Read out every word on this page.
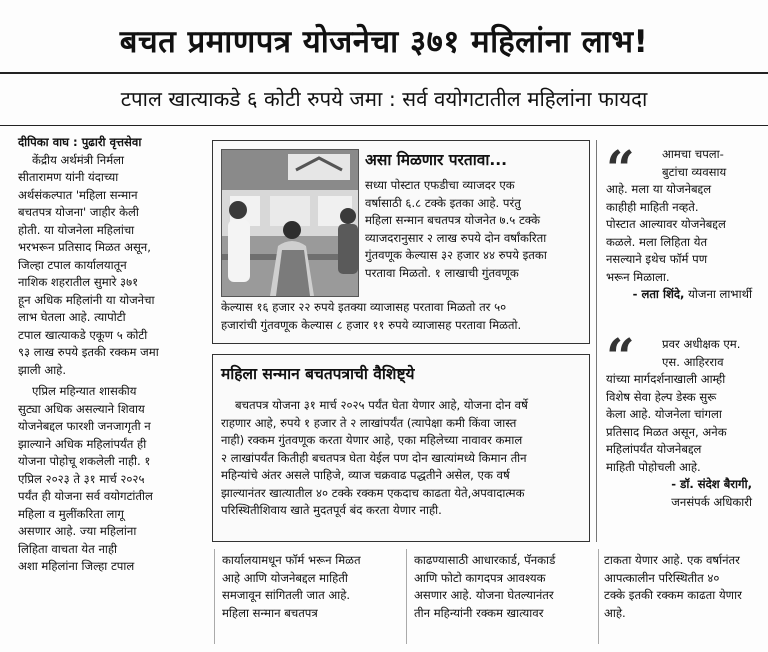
बचत प्रमाणपत्र योजनेचा ३७१ महिलांना लाभ!
टपाल खात्याकडे ६ कोटी रुपये जमा : सर्व वयोगटातील महिलांना फायदा

दीपिका वाघ : पुढारी वृत्तसेवा

केंद्रीय अर्थमंत्री निर्मला
सीतारामण यांनी यंदाच्या
अर्थसंकल्पात 'महिला सन्मान
बचतपत्र योजना' जाहीर केली
होती. या योजनेला महिलांचा
भरभरून प्रतिसाद मिळत असून,
जिल्हा टपाल कार्यालयातून
नाशिक शहरातील सुमारे ३७१
हून अधिक महिलांनी या योजनेचा
लाभ घेतला आहे. त्यापोटी
टपाल खात्याकडे एकूण ५ कोटी
९३ लाख रुपये इतकी रक्कम जमा
झाली आहे.
एप्रिल महिन्यात शासकीय
सुट्या अधिक असल्याने शिवाय
योजनेबद्दल फारशी जनजागृती न
झाल्याने अधिक महिलांपर्यंत ही
योजना पोहोचू शकलेली नाही. १
एप्रिल २०२३ ते ३१ मार्च २०२५
पर्यंत ही योजना सर्व वयोगटांतील
महिला व मुलींकरिता लागू
असणार आहे. ज्या महिलांना
लिहिता वाचता येत नाही
अशा महिलांना जिल्हा टपाल
असा मिळणार परतावा...
सध्या पोस्टात एफडीचा व्याजदर एक
वर्षासाठी ६.८ टक्के इतका आहे. परंतु
महिला सन्मान बचतपत्र योजनेत ७.५ टक्के
व्याजदरानुसार २ लाख रुपये दोन वर्षांकरिता
गुंतवणूक केल्यास ३२ हजार ४४ रुपये इतका
परतावा मिळतो. १ लाखाची गुंतवणूक
केल्यास १६ हजार २२ रुपये इतक्या व्याजासह परतावा मिळतो तर ५०
हजारांची गुंतवणूक केल्यास ८ हजार ११ रुपये व्याजासह परतावा मिळतो.
महिला सन्मान बचतपत्राची वैशिष्ट्ये
बचतपत्र योजना ३१ मार्च २०२५ पर्यंत घेता येणार आहे, योजना दोन वर्षे
राहणार आहे, रुपये १ हजार ते २ लाखांपर्यंत (त्यापेक्षा कमी किंवा जास्त
नाही) रक्कम गुंतवणूक करता येणार आहे, एका महिलेच्या नावावर कमाल
२ लाखांपर्यंत कितीही बचतपत्र घेता येईल पण दोन खात्यांमध्ये किमान तीन
महिन्यांचे अंतर असले पाहिजे, व्याज चक्रवाढ पद्धतीने असेल, एक वर्ष
झाल्यानंतर खात्यातील ४० टक्के रक्कम एकदाच काढता येते,अपवादात्मक
परिस्थितीशिवाय खाते मुदतपूर्व बंद करता येणार नाही.
“	आमचा चपला-
बुटांचा व्यवसाय
आहे. मला या योजनेबद्दल
काहीही माहिती नव्हते.
पोस्टात आल्यावर योजनेबद्दल
कळले. मला लिहिता येत
नसल्याने इथेच फॉर्म पण
भरून मिळाला.
- लता शिंदे, योजना लाभार्थी
“	प्रवर अधीक्षक एम.
एस. आहिरराव
यांच्या मार्गदर्शनाखाली आम्ही
विशेष सेवा हेल्प डेस्क सुरू
केला आहे. योजनेला चांगला
प्रतिसाद मिळत असून, अनेक
महिलांपर्यंत योजनेबद्दल
माहिती पोहोचली आहे.
- डॉ. संदेश बैरागी,
जनसंपर्क अधिकारी
कार्यालयामधून फॉर्म भरून मिळत
आहे आणि योजनेबद्दल माहिती
समजावून सांगितली जात आहे.
महिला सन्मान बचतपत्र
काढण्यासाठी आधारकार्ड, पॅनकार्ड
आणि फोटो कागदपत्र आवश्यक
असणार आहे. योजना घेतल्यानंतर
तीन महिन्यांनी रक्कम खात्यावर
टाकता येणार आहे. एक वर्षानंतर
आपत्कालीन परिस्थितीत ४०
टक्के इतकी रक्कम काढता येणार
आहे.
